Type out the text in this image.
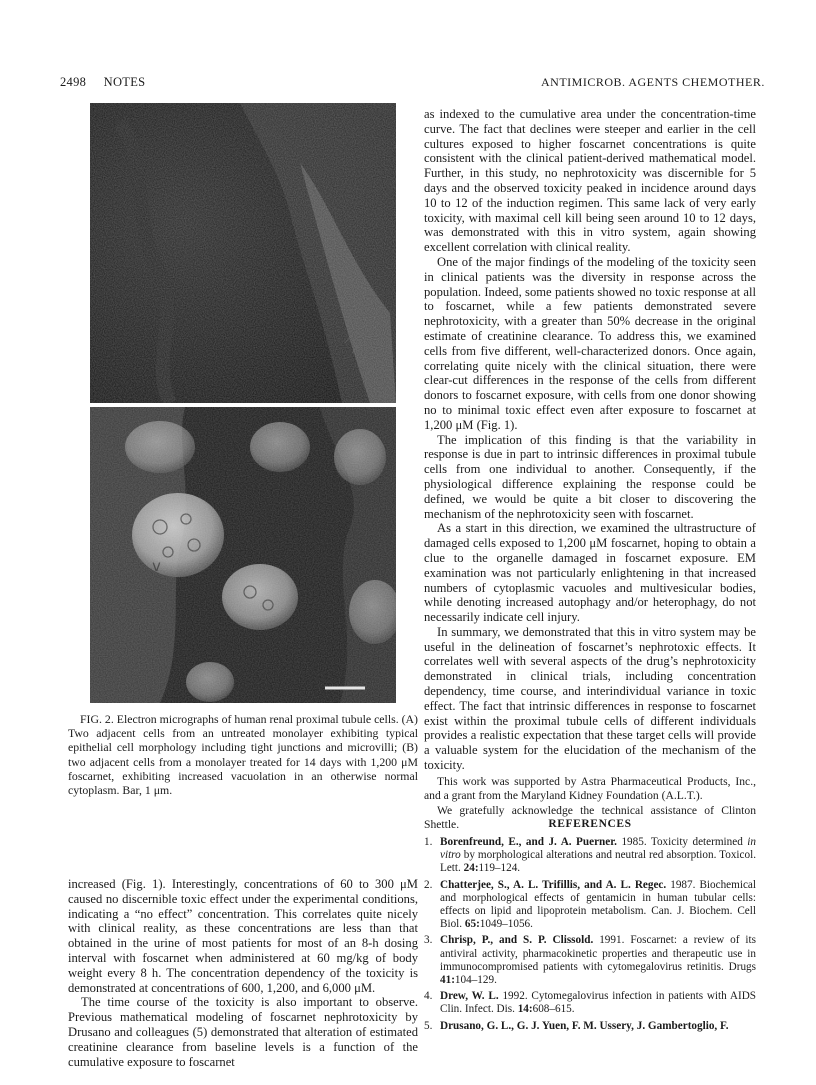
2498 NOTES	ANTIMICROB. AGENTS CHEMOTHER.
v

FIG. 2. Electron micrographs of human renal proximal tubule cells. (A) Two adjacent cells from an untreated monolayer exhibiting typical epithelial cell morphology including tight junctions and microvilli; (B) two adjacent cells from a monolayer treated for 14 days with 1,200 μM foscarnet, exhibiting increased vacuolation in an otherwise normal cytoplasm. Bar, 1 μm.

increased (Fig. 1). Interestingly, concentrations of 60 to 300 μM caused no discernible toxic effect under the experimental conditions, indicating a “no effect” concentration. This correlates quite nicely with clinical reality, as these concentrations are less than that obtained in the urine of most patients for most of an 8-h dosing interval with foscarnet when administered at 60 mg/kg of body weight every 8 h. The concentration dependency of the toxicity is demonstrated at concentrations of 600, 1,200, and 6,000 μM.

The time course of the toxicity is also important to observe. Previous mathematical modeling of foscarnet nephrotoxicity by Drusano and colleagues (5) demonstrated that alteration of estimated creatinine clearance from baseline levels is a function of the cumulative exposure to foscarnet

as indexed to the cumulative area under the concentration-time curve. The fact that declines were steeper and earlier in the cell cultures exposed to higher foscarnet concentrations is quite consistent with the clinical patient-derived mathematical model. Further, in this study, no nephrotoxicity was discernible for 5 days and the observed toxicity peaked in incidence around days 10 to 12 of the induction regimen. This same lack of very early toxicity, with maximal cell kill being seen around 10 to 12 days, was demonstrated with this in vitro system, again showing excellent correlation with clinical reality.

One of the major findings of the modeling of the toxicity seen in clinical patients was the diversity in response across the population. Indeed, some patients showed no toxic response at all to foscarnet, while a few patients demonstrated severe nephrotoxicity, with a greater than 50% decrease in the original estimate of creatinine clearance. To address this, we examined cells from five different, well-characterized donors. Once again, correlating quite nicely with the clinical situation, there were clear-cut differences in the response of the cells from different donors to foscarnet exposure, with cells from one donor showing no to minimal toxic effect even after exposure to foscarnet at 1,200 μM (Fig. 1).

The implication of this finding is that the variability in response is due in part to intrinsic differences in proximal tubule cells from one individual to another. Consequently, if the physiological difference explaining the response could be defined, we would be quite a bit closer to discovering the mechanism of the nephrotoxicity seen with foscarnet.

As a start in this direction, we examined the ultrastructure of damaged cells exposed to 1,200 μM foscarnet, hoping to obtain a clue to the organelle damaged in foscarnet exposure. EM examination was not particularly enlightening in that increased numbers of cytoplasmic vacuoles and multivesicular bodies, while denoting increased autophagy and/or heterophagy, do not necessarily indicate cell injury.

In summary, we demonstrated that this in vitro system may be useful in the delineation of foscarnet’s nephrotoxic effects. It correlates well with several aspects of the drug’s nephrotoxicity demonstrated in clinical trials, including concentration dependency, time course, and interindividual variance in toxic effect. The fact that intrinsic differences in response to foscarnet exist within the proximal tubule cells of different individuals provides a realistic expectation that these target cells will provide a valuable system for the elucidation of the mechanism of the toxicity.

This work was supported by Astra Pharmaceutical Products, Inc., and a grant from the Maryland Kidney Foundation (A.L.T.).

We gratefully acknowledge the technical assistance of Clinton Shettle.	REFERENCES
1. Borenfreund, E., and J. A. Puerner. 1985. Toxicity determined in vitro by morphological alterations and neutral red absorption. Toxicol. Lett. 24:119–124.
2. Chatterjee, S., A. L. Trifillis, and A. L. Regec. 1987. Biochemical and morphological effects of gentamicin in human tubular cells: effects on lipid and lipoprotein metabolism. Can. J. Biochem. Cell Biol. 65:1049–1056.
3. Chrisp, P., and S. P. Clissold. 1991. Foscarnet: a review of its antiviral activity, pharmacokinetic properties and therapeutic use in immunocompromised patients with cytomegalovirus retinitis. Drugs 41:104–129.
4. Drew, W. L. 1992. Cytomegalovirus infection in patients with AIDS Clin. Infect. Dis. 14:608–615.
5. Drusano, G. L., G. J. Yuen, F. M. Ussery, J. Gambertoglio, F.
